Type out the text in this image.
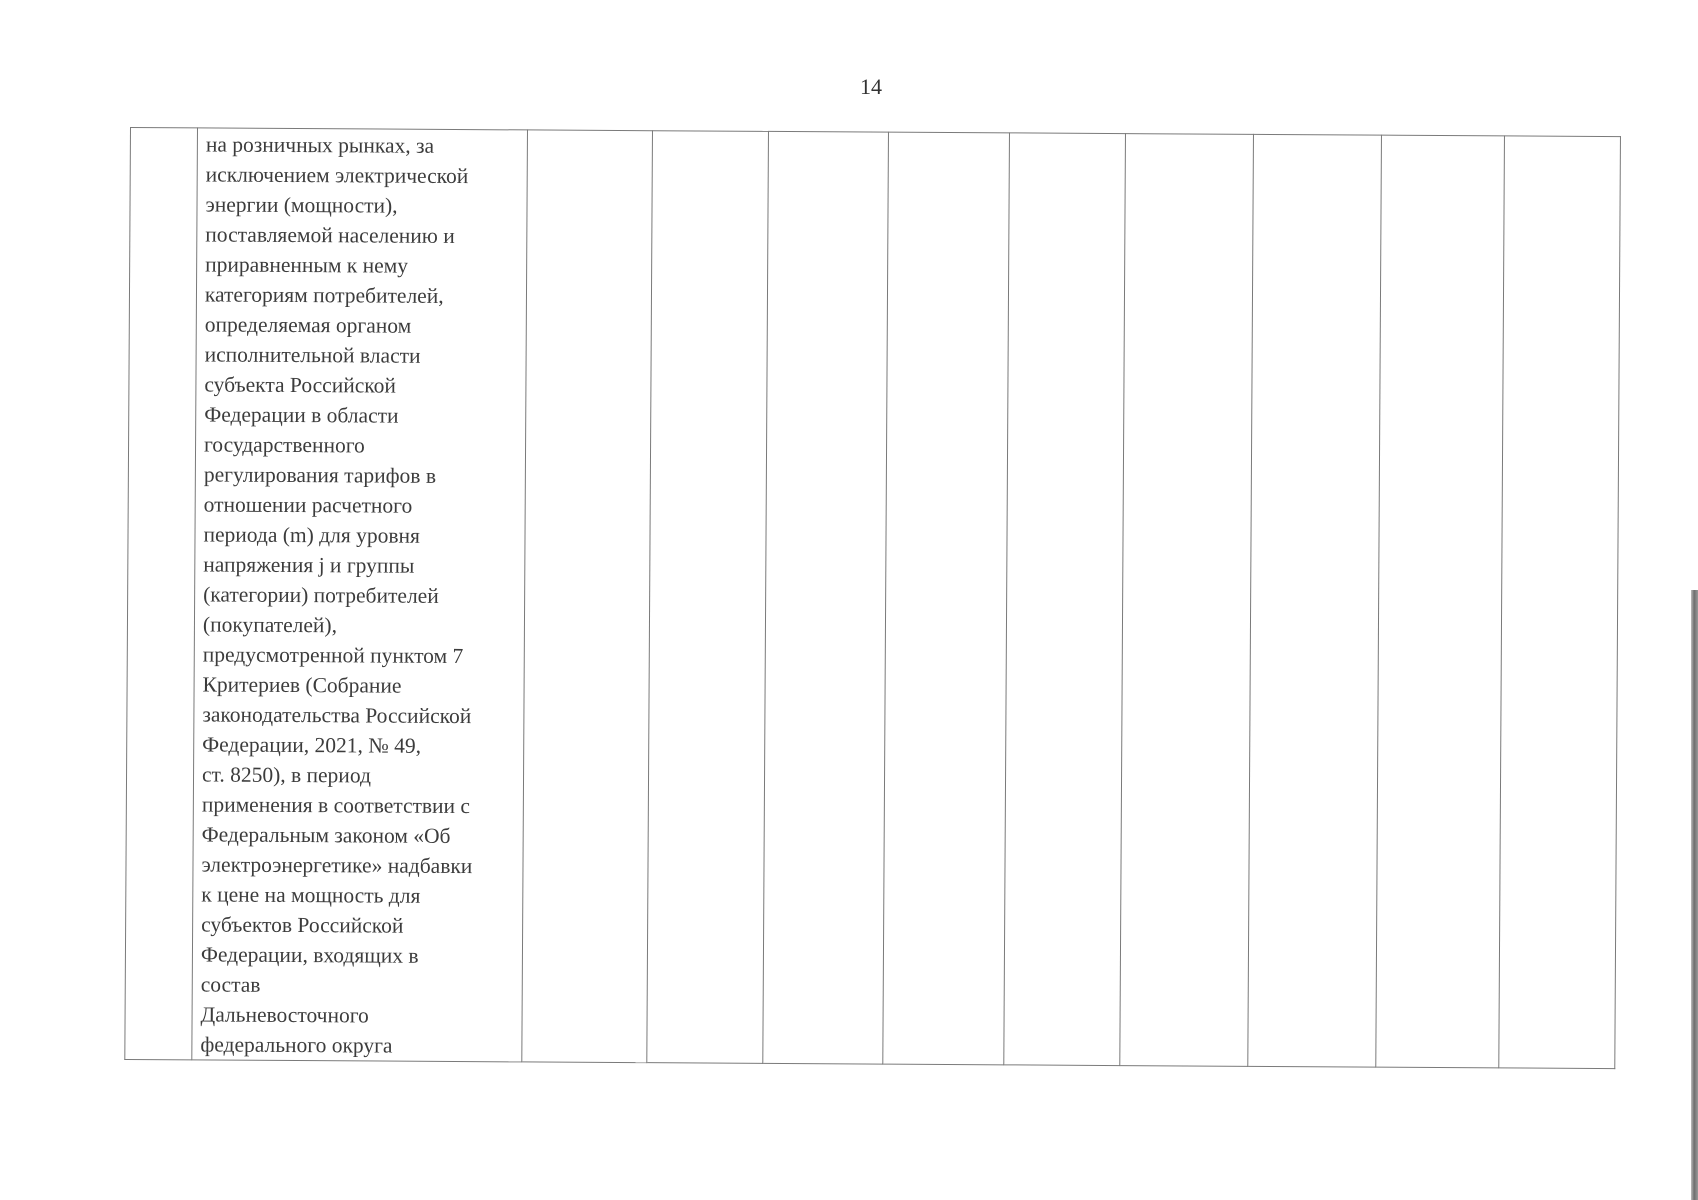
14

на розничных рынках, за
исключением электрической
энергии (мощности),
поставляемой населению и
приравненным к нему
категориям потребителей,
определяемая органом
исполнительной власти
субъекта Российской
Федерации в области
государственного
регулирования тарифов в
отношении расчетного
периода (m) для уровня
напряжения j и группы
(категории) потребителей
(покупателей),
предусмотренной пунктом 7
Критериев (Собрание
законодательства Российской
Федерации, 2021, № 49,
ст. 8250), в период
применения в соответствии с
Федеральным законом «Об
электроэнергетике» надбавки
к цене на мощность для
субъектов Российской
Федерации, входящих в
состав
Дальневосточного
федерального округа
